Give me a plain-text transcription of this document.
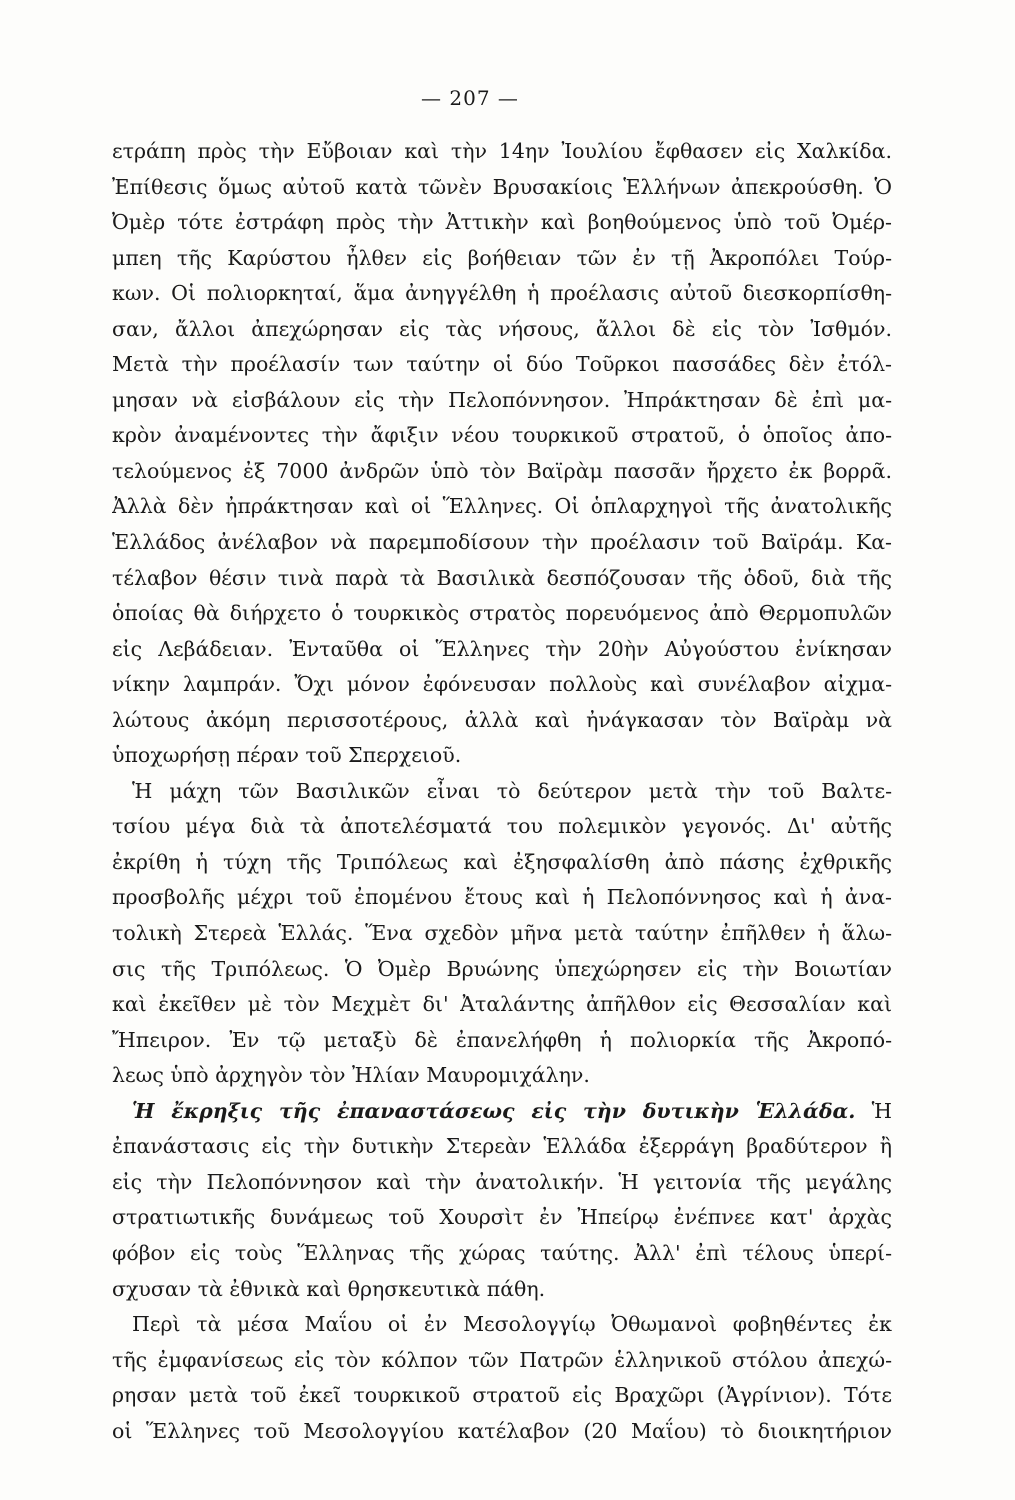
— 207 —
ετράπη πρὸς τὴν Εὔβοιαν καὶ τὴν 14ην Ἰουλίου ἔφθασεν εἰς Χαλκίδα.
Ἐπίθεσις ὅμως αὐτοῦ κατὰ τῶνὲν Βρυσακίοις Ἑλλήνων ἀπεκρούσθη. Ὁ
Ὀμὲρ τότε ἐστράφη πρὸς τὴν Ἀττικὴν καὶ βοηθούμενος ὑπὸ τοῦ Ὀμέρ-
μπεη τῆς Καρύστου ἦλθεν εἰς βοήθειαν τῶν ἐν τῇ Ἀκροπόλει Τούρ-
κων. Οἱ πολιορκηταί, ἅμα ἀνηγγέλθη ἡ προέλασις αὐτοῦ διεσκορπίσθη-
σαν, ἄλλοι ἀπεχώρησαν εἰς τὰς νήσους, ἄλλοι δὲ εἰς τὸν Ἰσθμόν.
Μετὰ τὴν προέλασίν των ταύτην οἱ δύο Τοῦρκοι πασσάδες δὲν ἐτόλ-
μησαν νὰ εἰσβάλουν εἰς τὴν Πελοπόννησον. Ἠπράκτησαν δὲ ἐπὶ μα-
κρὸν ἀναμένοντες τὴν ἄφιξιν νέου τουρκικοῦ στρατοῦ, ὁ ὁποῖος ἀπο-
τελούμενος ἐξ 7000 ἀνδρῶν ὑπὸ τὸν Βαϊρὰμ πασσᾶν ἤρχετο ἐκ βορρᾶ.
Ἀλλὰ δὲν ἠπράκτησαν καὶ οἱ Ἕλληνες. Οἱ ὁπλαρχηγοὶ τῆς ἀνατολικῆς
Ἑλλάδος ἀνέλαβον νὰ παρεμποδίσουν τὴν προέλασιν τοῦ Βαϊράμ. Κα-
τέλαβον θέσιν τινὰ παρὰ τὰ Βασιλικὰ δεσπόζουσαν τῆς ὁδοῦ, διὰ τῆς
ὁποίας θὰ διήρχετο ὁ τουρκικὸς στρατὸς πορευόμενος ἀπὸ Θερμοπυλῶν
εἰς Λεβάδειαν. Ἐνταῦθα οἱ Ἕλληνες τὴν 20ὴν Αὐγούστου ἐνίκησαν
νίκην λαμπράν. Ὄχι μόνον ἐφόνευσαν πολλοὺς καὶ συνέλαβον αἰχμα-
λώτους ἀκόμη περισσοτέρους, ἀλλὰ καὶ ἠνάγκασαν τὸν Βαϊρὰμ νὰ
ὑποχωρήσῃ πέραν τοῦ Σπερχειοῦ.
Ἡ μάχη τῶν Βασιλικῶν εἶναι τὸ δεύτερον μετὰ τὴν τοῦ Βαλτε-
τσίου μέγα διὰ τὰ ἀποτελέσματά του πολεμικὸν γεγονός. Δι' αὐτῆς
ἐκρίθη ἡ τύχη τῆς Τριπόλεως καὶ ἐξησφαλίσθη ἀπὸ πάσης ἐχθρικῆς
προσβολῆς μέχρι τοῦ ἐπομένου ἔτους καὶ ἡ Πελοπόννησος καὶ ἡ ἀνα-
τολικὴ Στερεὰ Ἑλλάς. Ἕνα σχεδὸν μῆνα μετὰ ταύτην ἐπῆλθεν ἡ ἅλω-
σις τῆς Τριπόλεως. Ὁ Ὀμὲρ Βρυώνης ὑπεχώρησεν εἰς τὴν Βοιωτίαν
καὶ ἐκεῖθεν μὲ τὸν Μεχμὲτ δι' Ἀταλάντης ἀπῆλθον εἰς Θεσσαλίαν καὶ
Ἤπειρον. Ἐν τῷ μεταξὺ δὲ ἐπανελήφθη ἡ πολιορκία τῆς Ἀκροπό-
λεως ὑπὸ ἀρχηγὸν τὸν Ἠλίαν Μαυρομιχάλην.
Ἡ ἔκρηξις τῆς ἐπαναστάσεως εἰς τὴν δυτικὴν Ἑλλάδα. Ἡ
ἐπανάστασις εἰς τὴν δυτικὴν Στερεὰν Ἑλλάδα ἐξερράγη βραδύτερον ἢ
εἰς τὴν Πελοπόννησον καὶ τὴν ἀνατολικήν. Ἡ γειτονία τῆς μεγάλης
στρατιωτικῆς δυνάμεως τοῦ Χουρσὶτ ἐν Ἠπείρῳ ἐνέπνεε κατ' ἀρχὰς
φόβον εἰς τοὺς Ἕλληνας τῆς χώρας ταύτης. Ἀλλ' ἐπὶ τέλους ὑπερί-
σχυσαν τὰ ἐθνικὰ καὶ θρησκευτικὰ πάθη.
Περὶ τὰ μέσα Μαΐου οἱ ἐν Μεσολογγίῳ Ὀθωμανοὶ φοβηθέντες ἐκ
τῆς ἐμφανίσεως εἰς τὸν κόλπον τῶν Πατρῶν ἑλληνικοῦ στόλου ἀπεχώ-
ρησαν μετὰ τοῦ ἐκεῖ τουρκικοῦ στρατοῦ εἰς Βραχῶρι (Ἀγρίνιον). Τότε
οἱ Ἕλληνες τοῦ Μεσολογγίου κατέλαβον (20 Μαΐου) τὸ διοικητήριον
